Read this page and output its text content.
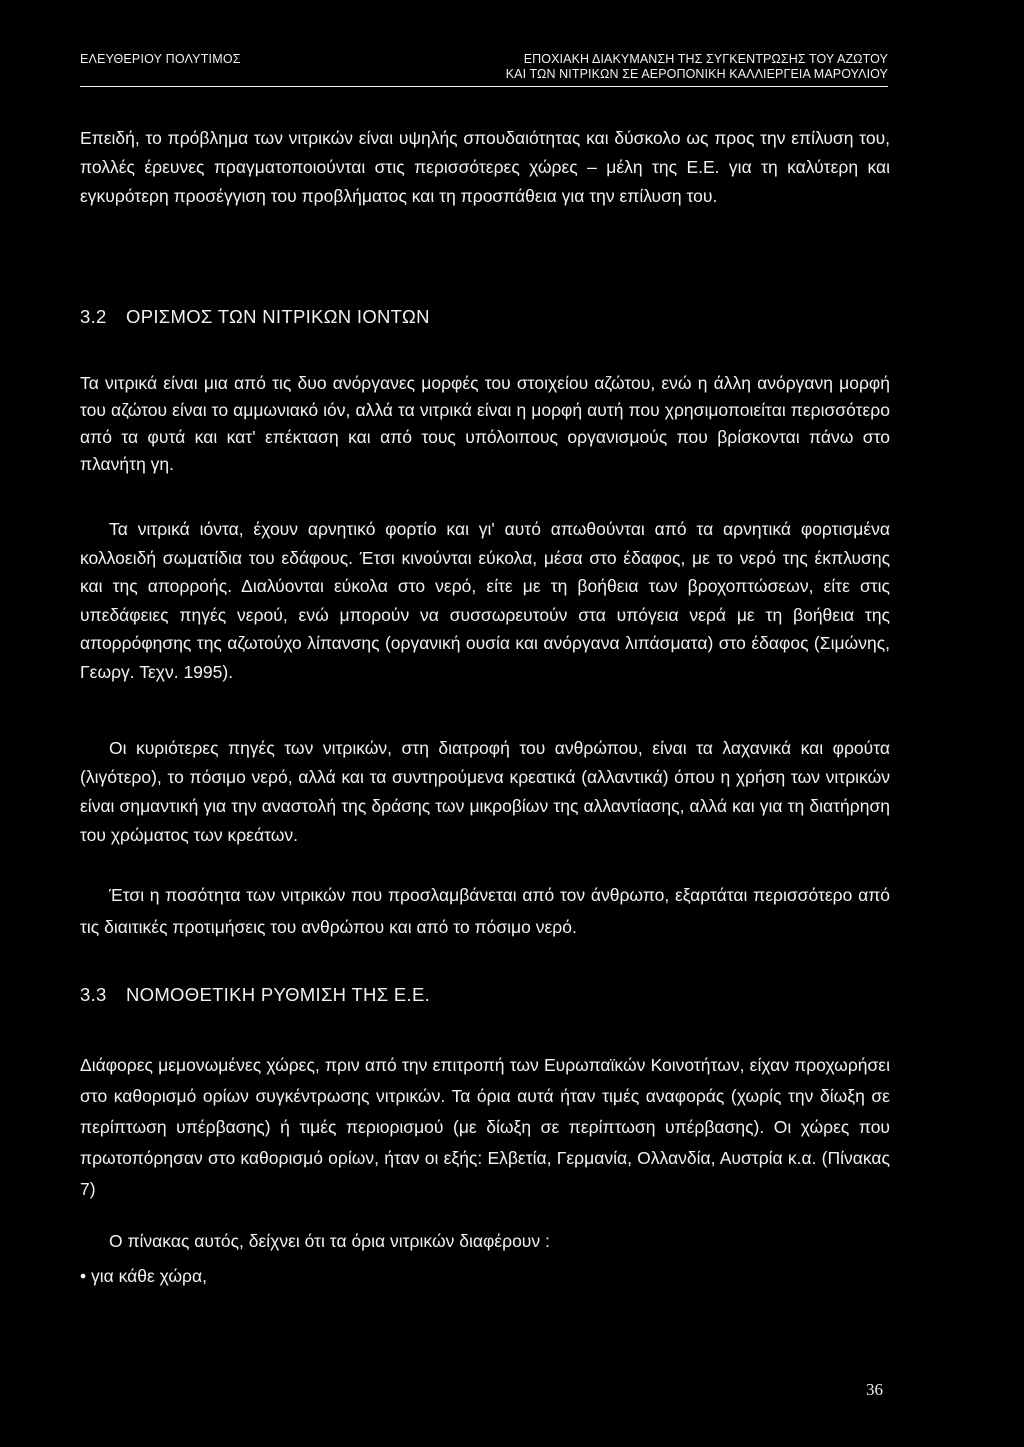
ΕΛΕΥΘΕΡΙΟΥ ΠΟΛΥΤΙΜΟΣ	ΕΠΟΧΙΑΚΗ ΔΙΑΚΥΜΑΝΣΗ ΤΗΣ ΣΥΓΚΕΝΤΡΩΣΗΣ ΤΟΥ ΑΖΩΤΟΥ
ΚΑΙ ΤΩΝ ΝΙΤΡΙΚΩΝ ΣΕ ΑΕΡΟΠΟΝΙΚΗ ΚΑΛΛΙΕΡΓΕΙΑ ΜΑΡΟΥΛΙΟΥ
Επειδή, το πρόβλημα των νιτρικών είναι υψηλής σπουδαιότητας και δύσκολο ως προς την επίλυση του, πολλές έρευνες πραγματοποιούνται στις περισσότερες χώρες – μέλη της Ε.Ε. για τη καλύτερη και εγκυρότερη προσέγγιση του προβλήματος και τη προσπάθεια για την επίλυση του.
3.2 ΟΡΙΣΜΟΣ ΤΩΝ ΝΙΤΡΙΚΩΝ ΙΟΝΤΩΝ
Τα νιτρικά είναι μια από τις δυο ανόργανες μορφές του στοιχείου αζώτου, ενώ η άλλη ανόργανη μορφή του αζώτου είναι το αμμωνιακό ιόν, αλλά τα νιτρικά είναι η μορφή αυτή που χρησιμοποιείται περισσότερο από τα φυτά και κατ' επέκταση και από τους υπόλοιπους οργανισμούς που βρίσκονται πάνω στο πλανήτη γη.
Τα νιτρικά ιόντα, έχουν αρνητικό φορτίο και γι' αυτό απωθούνται από τα αρνητικά φορτισμένα κολλοειδή σωματίδια του εδάφους. Έτσι κινούνται εύκολα, μέσα στο έδαφος, με το νερό της έκπλυσης και της απορροής. Διαλύονται εύκολα στο νερό, είτε με τη βοήθεια των βροχοπτώσεων, είτε στις υπεδάφειες πηγές νερού, ενώ μπορούν να συσσωρευτούν στα υπόγεια νερά με τη βοήθεια της απορρόφησης της αζωτούχο λίπανσης (οργανική ουσία και ανόργανα λιπάσματα) στο έδαφος (Σιμώνης, Γεωργ. Τεχν. 1995).
Οι κυριότερες πηγές των νιτρικών, στη διατροφή του ανθρώπου, είναι τα λαχανικά και φρούτα (λιγότερο), το πόσιμο νερό, αλλά και τα συντηρούμενα κρεατικά (αλλαντικά) όπου η χρήση των νιτρικών είναι σημαντική για την αναστολή της δράσης των μικροβίων της αλλαντίασης, αλλά και για τη διατήρηση του χρώματος των κρεάτων.
Έτσι η ποσότητα των νιτρικών που προσλαμβάνεται από τον άνθρωπο, εξαρτάται περισσότερο από τις διαιτικές προτιμήσεις του ανθρώπου και από το πόσιμο νερό.
3.3 ΝΟΜΟΘΕΤΙΚΗ ΡΥΘΜΙΣΗ ΤΗΣ Ε.Ε.
Διάφορες μεμονωμένες χώρες, πριν από την επιτροπή των Ευρωπαϊκών Κοινοτήτων, είχαν προχωρήσει στο καθορισμό ορίων συγκέντρωσης νιτρικών. Τα όρια αυτά ήταν τιμές αναφοράς (χωρίς την δίωξη σε περίπτωση υπέρβασης) ή τιμές περιορισμού (με δίωξη σε περίπτωση υπέρβασης). Οι χώρες που πρωτοπόρησαν στο καθορισμό ορίων, ήταν οι εξής: Ελβετία, Γερμανία, Ολλανδία, Αυστρία κ.α. (Πίνακας 7)
Ο πίνακας αυτός, δείχνει ότι τα όρια νιτρικών διαφέρουν :
• για κάθε χώρα,
36
